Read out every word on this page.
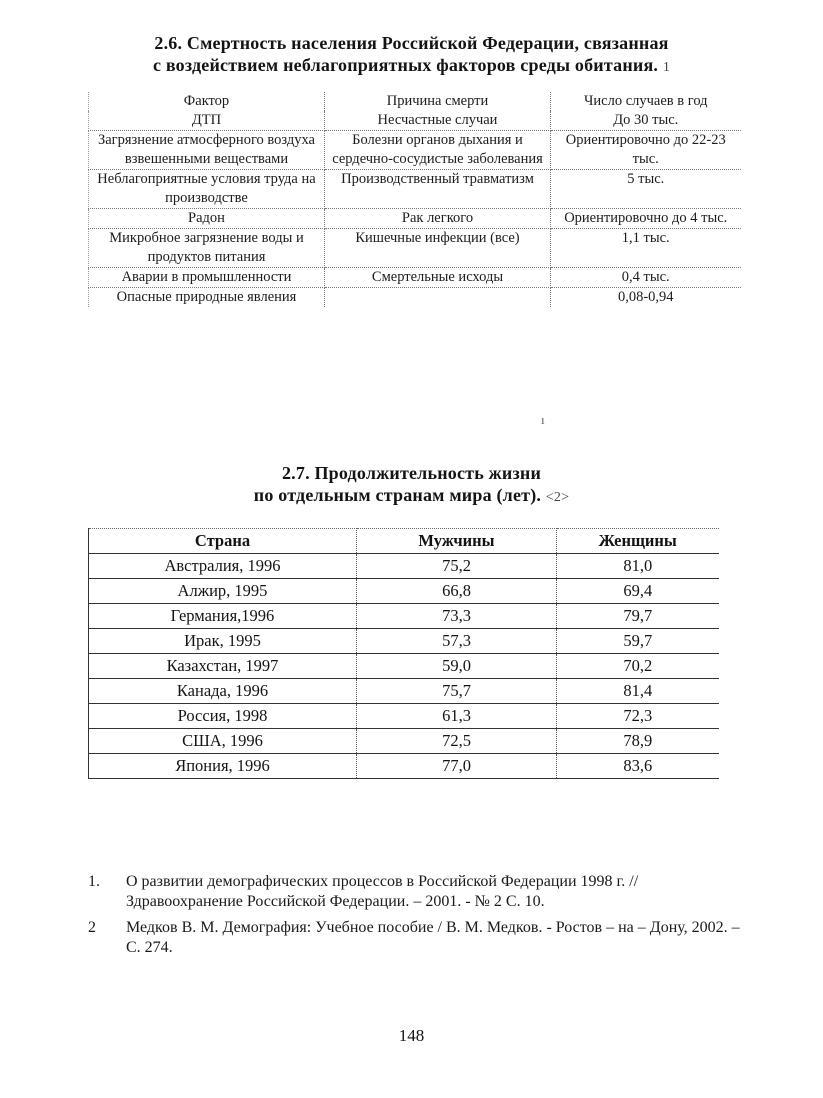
2.6. Смертность населения Российской Федерации, связанная
с воздействием неблагоприятных факторов среды обитания. 1
Фактор	Причина смерти	Число случаев в год
ДТП	Несчастные случаи	До 30 тыс.
Загрязнение атмосферного воздуха взвешенными веществами	Болезни органов дыхания и сердечно-сосудистые заболевания	Ориентировочно до 22-23 тыс.
Неблагоприятные условия труда на производстве	Производственный травматизм	5 тыс.
Радон	Рак легкого	Ориентировочно до 4 тыс.
Микробное загрязнение воды и продуктов питания	Кишечные инфекции (все)	1,1 тыс.
Аварии в промышленности	Смертельные исходы	0,4 тыс.
Опасные природные явления		0,08-0,94
ı
2.7. Продолжительность жизни
по отдельным странам мира (лет). <2>
Страна	Мужчины	Женщины
Австралия, 1996	75,2	81,0
Алжир, 1995	66,8	69,4
Германия,1996	73,3	79,7
Ирак, 1995	57,3	59,7
Казахстан, 1997	59,0	70,2
Канада, 1996	75,7	81,4
Россия, 1998	61,3	72,3
США, 1996	72,5	78,9
Япония, 1996	77,0	83,6
1. О развитии демографических процессов в Российской Федерации 1998 г. // Здравоохранение Российской Федерации. – 2001. - № 2 С. 10.
2 Медков В. М. Демография: Учебное пособие / В. М. Медков. - Ростов – на – Дону, 2002. – С. 274.
148
